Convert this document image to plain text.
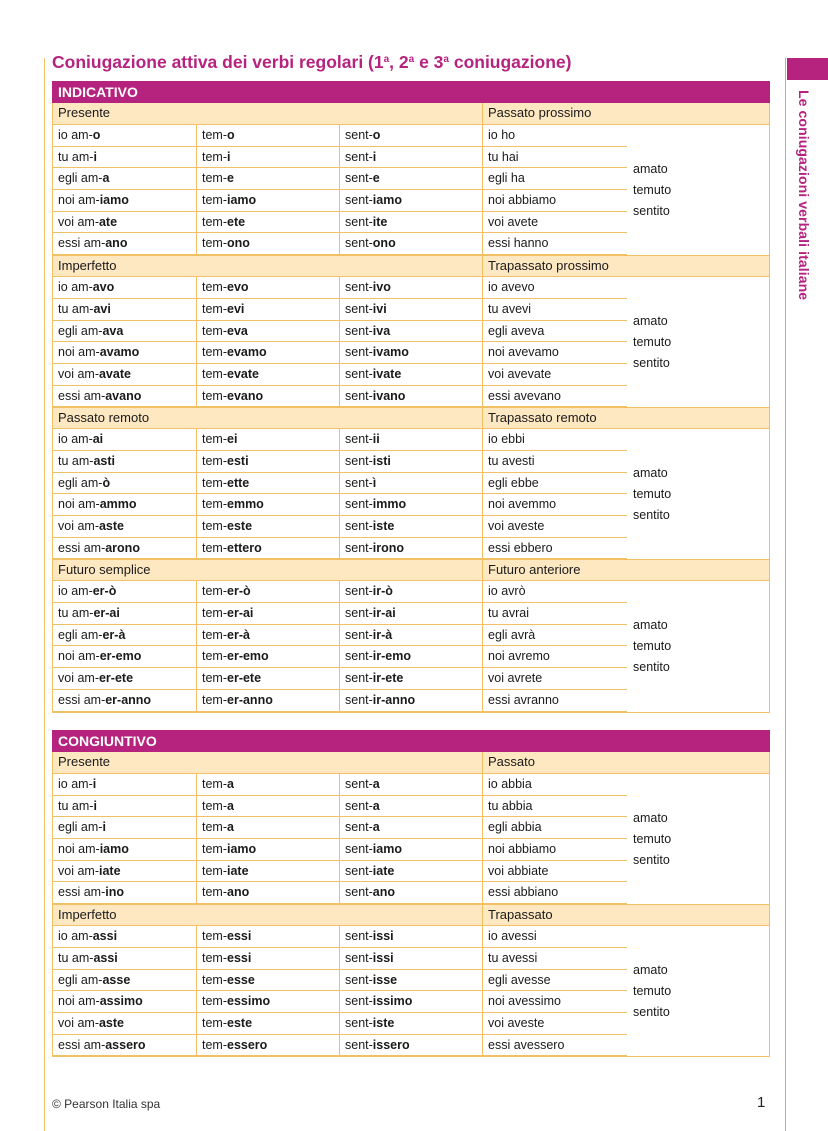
Le coniugazioni verbali italiane
Coniugazione attiva dei verbi regolari (1$^a$, 2$^a$ e 3$^a$ coniugazione)
INDICATIVO
Presente	Passato prossimo
io am-o	tem-o	sent-o	io ho
tu am-i	tem-i	sent-i	tu hai
egli am-a	tem-e	sent-e	egli ha
noi am-iamo	tem-iamo	sent-iamo	noi abbiamo
voi am-ate	tem-ete	sent-ite	voi avete
essi am-ano	tem-ono	sent-ono	essi hanno
amato
temuto
sentito
Imperfetto	Trapassato prossimo
io am-avo	tem-evo	sent-ivo	io avevo
tu am-avi	tem-evi	sent-ivi	tu avevi
egli am-ava	tem-eva	sent-iva	egli aveva
noi am-avamo	tem-evamo	sent-ivamo	noi avevamo
voi am-avate	tem-evate	sent-ivate	voi avevate
essi am-avano	tem-evano	sent-ivano	essi avevano
amato
temuto
sentito
Passato remoto	Trapassato remoto
io am-ai	tem-ei	sent-ii	io ebbi
tu am-asti	tem-esti	sent-isti	tu avesti
egli am-ò	tem-ette	sent-ì	egli ebbe
noi am-ammo	tem-emmo	sent-immo	noi avemmo
voi am-aste	tem-este	sent-iste	voi aveste
essi am-arono	tem-ettero	sent-irono	essi ebbero
amato
temuto
sentito
Futuro semplice	Futuro anteriore
io am-er-ò	tem-er-ò	sent-ir-ò	io avrò
tu am-er-ai	tem-er-ai	sent-ir-ai	tu avrai
egli am-er-à	tem-er-à	sent-ir-à	egli avrà
noi am-er-emo	tem-er-emo	sent-ir-emo	noi avremo
voi am-er-ete	tem-er-ete	sent-ir-ete	voi avrete
essi am-er-anno	tem-er-anno	sent-ir-anno	essi avranno
amato
temuto
sentito
CONGIUNTIVO
Presente	Passato
io am-i	tem-a	sent-a	io abbia
tu am-i	tem-a	sent-a	tu abbia
egli am-i	tem-a	sent-a	egli abbia
noi am-iamo	tem-iamo	sent-iamo	noi abbiamo
voi am-iate	tem-iate	sent-iate	voi abbiate
essi am-ino	tem-ano	sent-ano	essi abbiano
amato
temuto
sentito
Imperfetto	Trapassato
io am-assi	tem-essi	sent-issi	io avessi
tu am-assi	tem-essi	sent-issi	tu avessi
egli am-asse	tem-esse	sent-isse	egli avesse
noi am-assimo	tem-essimo	sent-issimo	noi avessimo
voi am-aste	tem-este	sent-iste	voi aveste
essi am-assero	tem-essero	sent-issero	essi avessero
amato
temuto
sentito
© Pearson Italia spa	1
